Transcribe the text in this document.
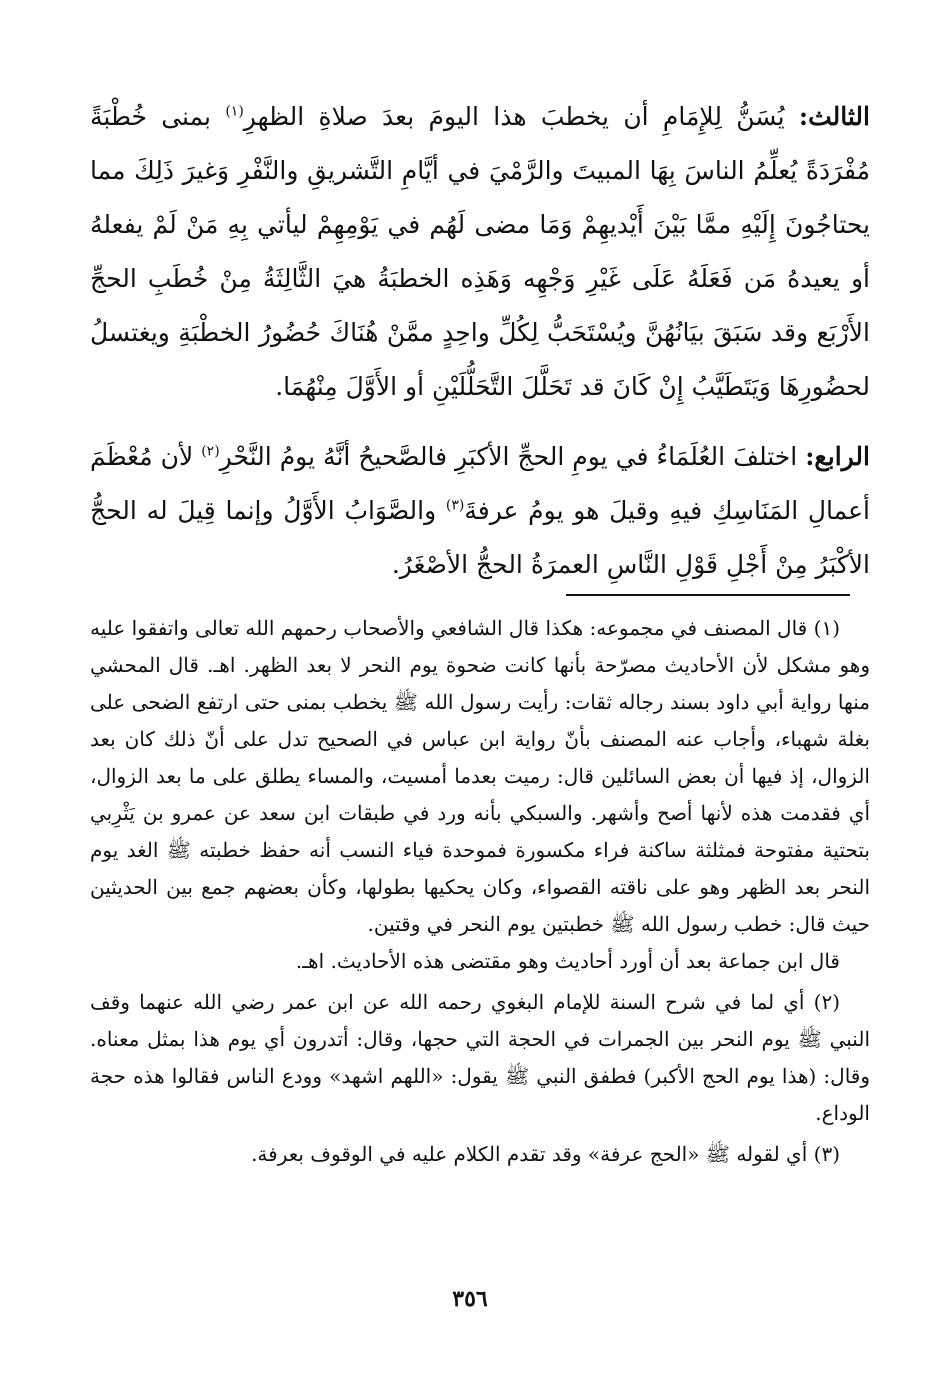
الثالث: يُسَنُّ لِلإِمَامِ أن يخطبَ هذا اليومَ بعدَ صلاةِ الظهرِ$^{(١)}$ بمنى خُطْبَةً مُفْرَدَةً يُعلِّمُ الناسَ بِهَا المبيتَ والرَّمْيَ في أيَّامِ التَّشريقِ والنَّفْرِ وَغيرَ ذَلِكَ مما يحتاجُونَ إِلَيْهِ ممَّا بَيْنَ أَيْديهِمْ وَمَا مضى لَهُم في يَوْمِهِمْ ليأتي بِهِ مَنْ لَمْ يفعلهُ أو يعيدهُ مَن فَعَلَهُ عَلَى غَيْرِ وَجْهِه وَهَذِه الخطبَةُ هيَ الثَّالِثَةُ مِنْ خُطَبِ الحجِّ الأَرْبَع وقد سَبَقَ بيَانُهُنَّ ويُسْتَحَبُّ لِكُلِّ واحِدٍ ممَّنْ هُنَاكَ حُضُورُ الخطْبَةِ ويغتسلُ لحضُورِهَا وَيَتَطَيَّبُ إِنْ كَانَ قد تَحَلَّلَ التَّحَلُّلَيْنِ أو الأَوَّلَ مِنْهُمَا.

الرابع: اختلفَ العُلَمَاءُ في يومِ الحجِّ الأكبَرِ فالصَّحيحُ أنَّهُ يومُ النَّحْرِ$^{(٢)}$ لأن مُعْظَمَ أعمالِ المَنَاسِكِ فيهِ وقيلَ هو يومُ عرفةَ$^{(٣)}$ والصَّوَابُ الأَوَّلُ وإنما قِيلَ له الحجُّ الأكْبَرُ مِنْ أَجْلِ قَوْلِ النَّاسِ العمرَةُ الحجُّ الأصْغَرُ.

(١) قال المصنف في مجموعه: هكذا قال الشافعي والأصحاب رحمهم الله تعالى واتفقوا عليه وهو مشكل لأن الأحاديث مصرّحة بأنها كانت ضحوة يوم النحر لا بعد الظهر. اهـ. قال المحشي منها رواية أبي داود بسند رجاله ثقات: رأيت رسول الله ﷺ يخطب بمنى حتى ارتفع الضحى على بغلة شهباء، وأجاب عنه المصنف بأنّ رواية ابن عباس في الصحيح تدل على أنّ ذلك كان بعد الزوال، إذ فيها أن بعض السائلين قال: رميت بعدما أمسيت، والمساء يطلق على ما بعد الزوال، أي فقدمت هذه لأنها أصح وأشهر. والسبكي بأنه ورد في طبقات ابن سعد عن عمرو بن يَثْرِبي بتحتية مفتوحة فمثلثة ساكنة فراء مكسورة فموحدة فياء النسب أنه حفظ خطبته ﷺ الغد يوم النحر بعد الظهر وهو على ناقته القصواء، وكان يحكيها بطولها، وكأن بعضهم جمع بين الحديثين حيث قال: خطب رسول الله ﷺ خطبتين يوم النحر في وقتين.

قال ابن جماعة بعد أن أورد أحاديث وهو مقتضى هذه الأحاديث. اهـ.

(٢) أي لما في شرح السنة للإمام البغوي رحمه الله عن ابن عمر رضي الله عنهما وقف النبي ﷺ يوم النحر بين الجمرات في الحجة التي حجها، وقال: أتدرون أي يوم هذا بمثل معناه. وقال: (هذا يوم الحج الأكبر) فطفق النبي ﷺ يقول: «اللهم اشهد» وودع الناس فقالوا هذه حجة الوداع.

(٣) أي لقوله ﷺ «الحج عرفة» وقد تقدم الكلام عليه في الوقوف بعرفة.

٣٥٦
